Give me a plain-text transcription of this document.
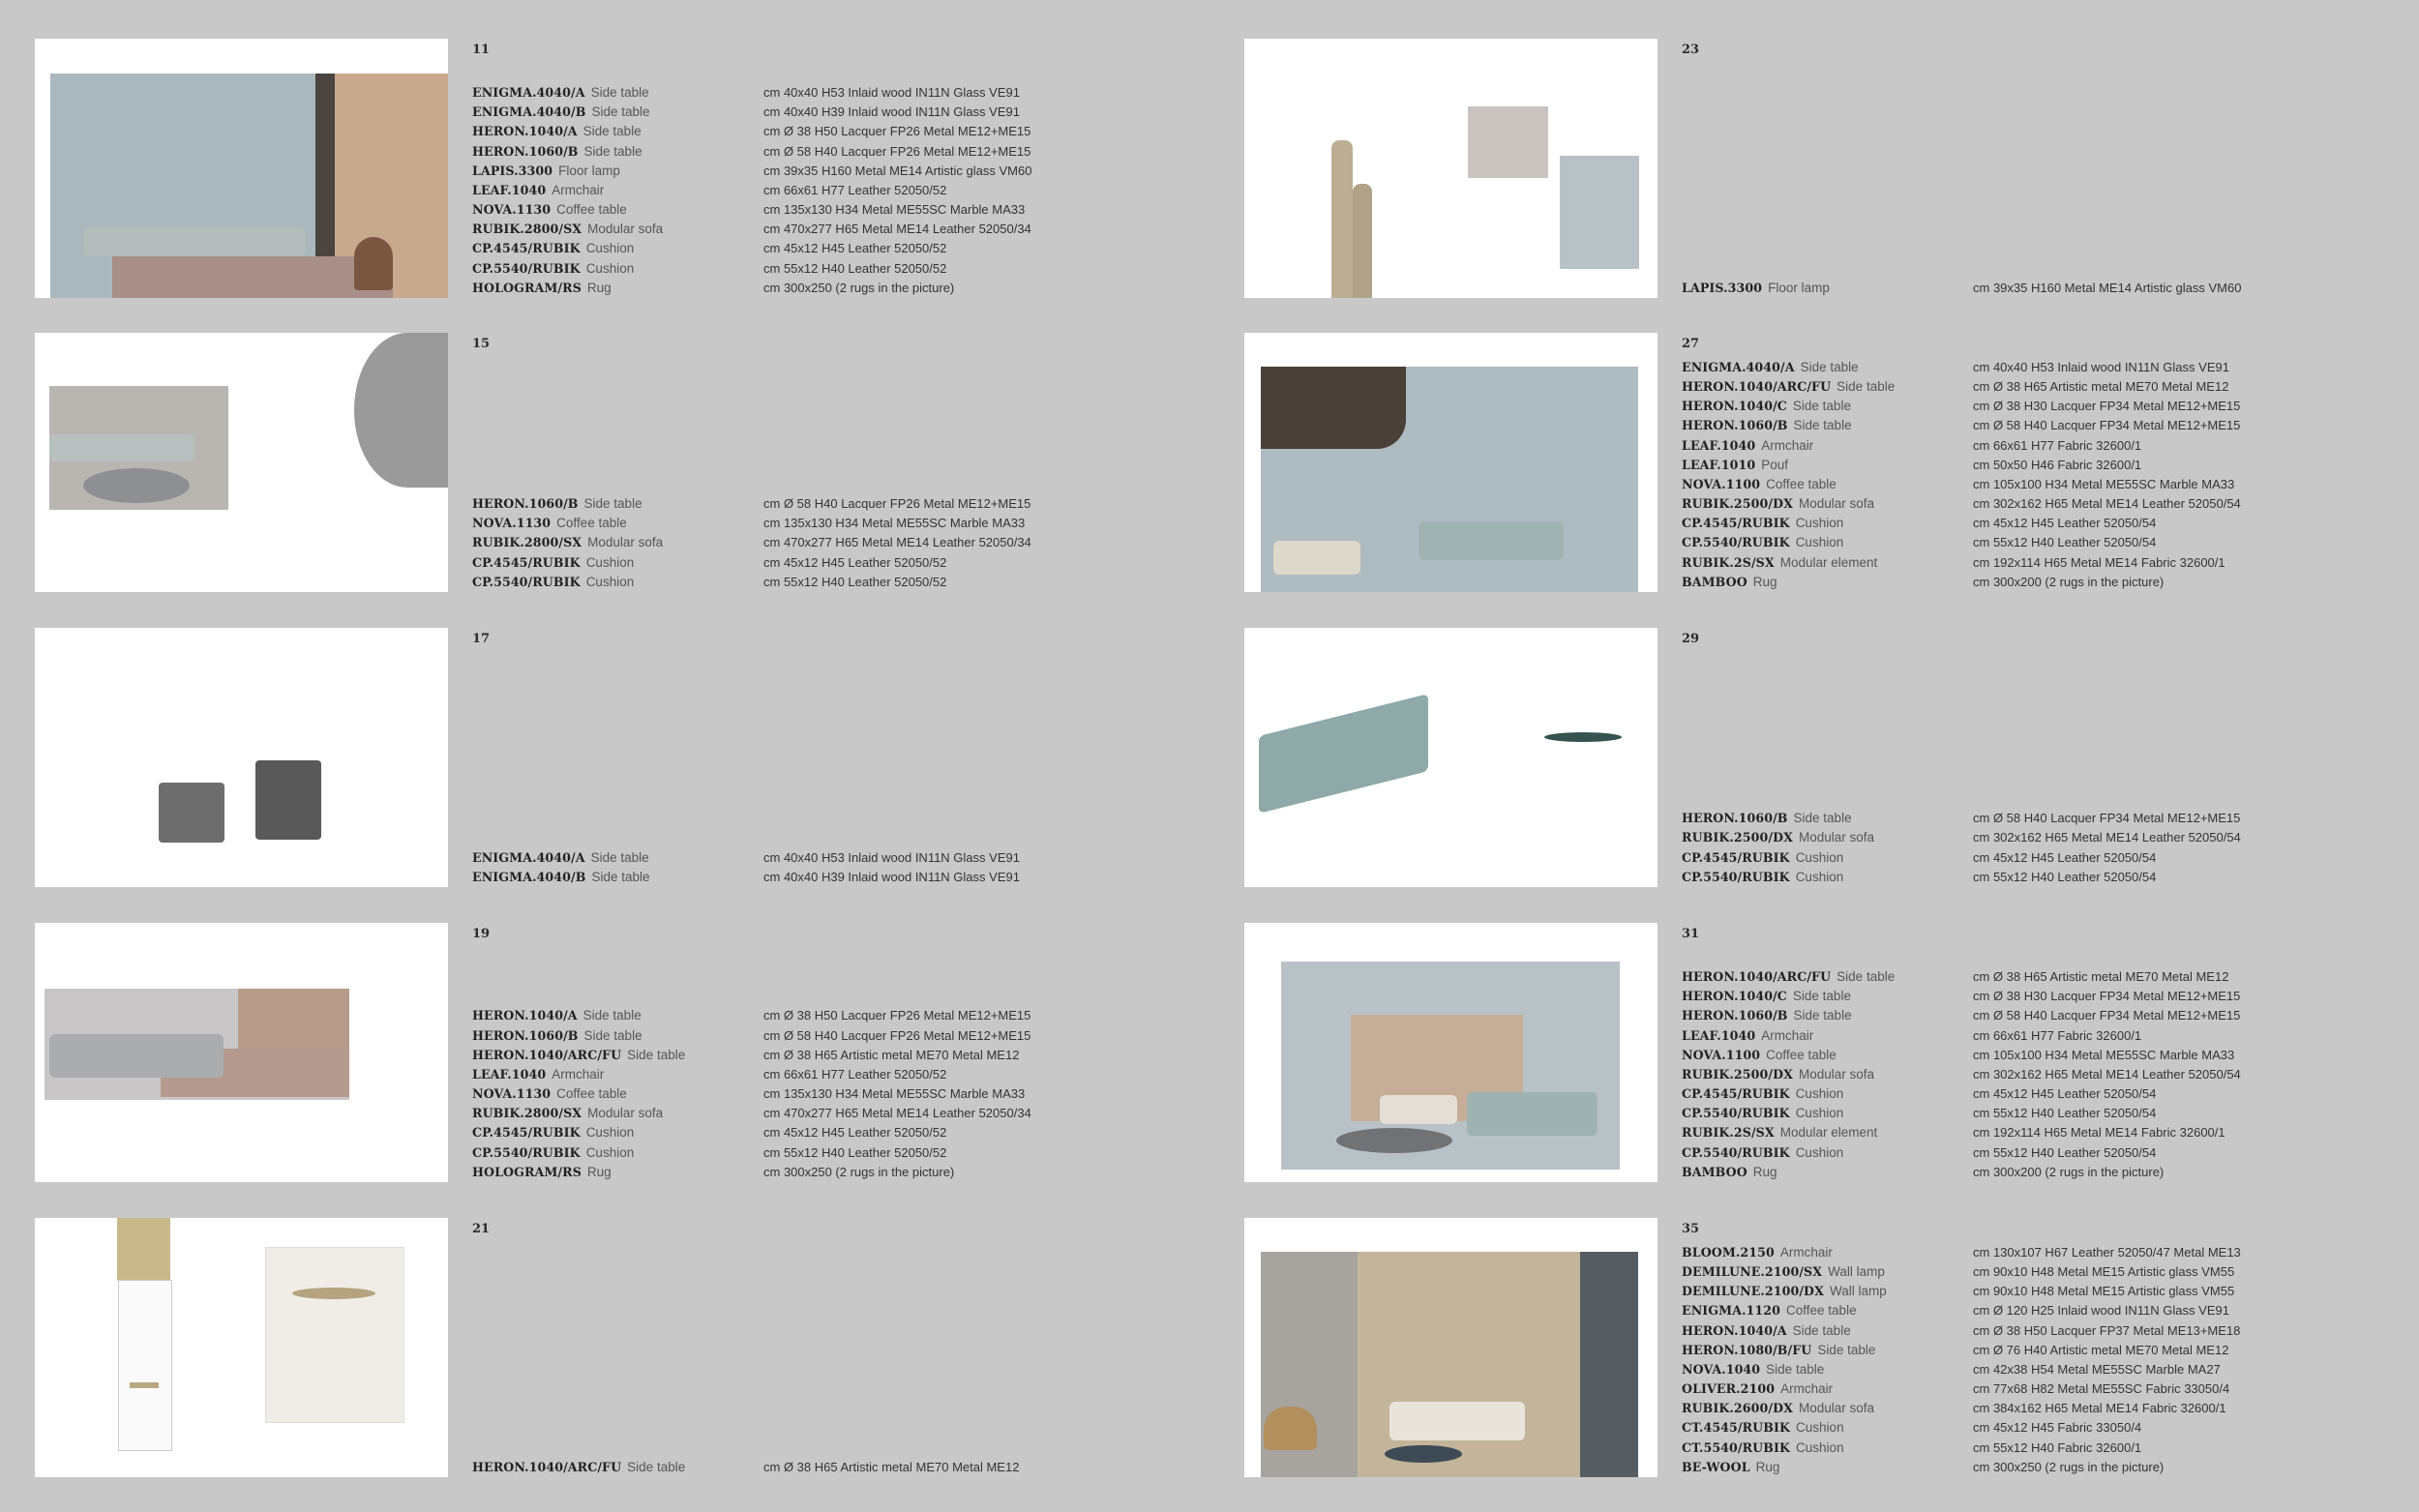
11
ENIGMA.4040/A Side table	cm 40x40 H53 Inlaid wood IN11N Glass VE91
ENIGMA.4040/B Side table	cm 40x40 H39 Inlaid wood IN11N Glass VE91
HERON.1040/A Side table	cm Ø 38 H50 Lacquer FP26 Metal ME12+ME15
HERON.1060/B Side table	cm Ø 58 H40 Lacquer FP26 Metal ME12+ME15
LAPIS.3300 Floor lamp	cm 39x35 H160 Metal ME14 Artistic glass VM60
LEAF.1040 Armchair	cm 66x61 H77 Leather 52050/52
NOVA.1130 Coffee table	cm 135x130 H34 Metal ME55SC Marble MA33
RUBIK.2800/SX Modular sofa	cm 470x277 H65 Metal ME14 Leather 52050/34
CP.4545/RUBIK Cushion	cm 45x12 H45 Leather 52050/52
CP.5540/RUBIK Cushion	cm 55x12 H40 Leather 52050/52
HOLOGRAM/RS Rug	cm 300x250 (2 rugs in the picture)
15
HERON.1060/B Side table	cm Ø 58 H40 Lacquer FP26 Metal ME12+ME15
NOVA.1130 Coffee table	cm 135x130 H34 Metal ME55SC Marble MA33
RUBIK.2800/SX Modular sofa	cm 470x277 H65 Metal ME14 Leather 52050/34
CP.4545/RUBIK Cushion	cm 45x12 H45 Leather 52050/52
CP.5540/RUBIK Cushion	cm 55x12 H40 Leather 52050/52
17
ENIGMA.4040/A Side table	cm 40x40 H53 Inlaid wood IN11N Glass VE91
ENIGMA.4040/B Side table	cm 40x40 H39 Inlaid wood IN11N Glass VE91
19
HERON.1040/A Side table	cm Ø 38 H50 Lacquer FP26 Metal ME12+ME15
HERON.1060/B Side table	cm Ø 58 H40 Lacquer FP26 Metal ME12+ME15
HERON.1040/ARC/FU Side table	cm Ø 38 H65 Artistic metal ME70 Metal ME12
LEAF.1040 Armchair	cm 66x61 H77 Leather 52050/52
NOVA.1130 Coffee table	cm 135x130 H34 Metal ME55SC Marble MA33
RUBIK.2800/SX Modular sofa	cm 470x277 H65 Metal ME14 Leather 52050/34
CP.4545/RUBIK Cushion	cm 45x12 H45 Leather 52050/52
CP.5540/RUBIK Cushion	cm 55x12 H40 Leather 52050/52
HOLOGRAM/RS Rug	cm 300x250 (2 rugs in the picture)
21
HERON.1040/ARC/FU Side table	cm Ø 38 H65 Artistic metal ME70 Metal ME12
23
LAPIS.3300 Floor lamp	cm 39x35 H160 Metal ME14 Artistic glass VM60
27
ENIGMA.4040/A Side table	cm 40x40 H53 Inlaid wood IN11N Glass VE91
HERON.1040/ARC/FU Side table	cm Ø 38 H65 Artistic metal ME70 Metal ME12
HERON.1040/C Side table	cm Ø 38 H30 Lacquer FP34 Metal ME12+ME15
HERON.1060/B Side table	cm Ø 58 H40 Lacquer FP34 Metal ME12+ME15
LEAF.1040 Armchair	cm 66x61 H77 Fabric 32600/1
LEAF.1010 Pouf	cm 50x50 H46 Fabric 32600/1
NOVA.1100 Coffee table	cm 105x100 H34 Metal ME55SC Marble MA33
RUBIK.2500/DX Modular sofa	cm 302x162 H65 Metal ME14 Leather 52050/54
CP.4545/RUBIK Cushion	cm 45x12 H45 Leather 52050/54
CP.5540/RUBIK Cushion	cm 55x12 H40 Leather 52050/54
RUBIK.2S/SX Modular element	cm 192x114 H65 Metal ME14 Fabric 32600/1
BAMBOO Rug	cm 300x200 (2 rugs in the picture)
29
HERON.1060/B Side table	cm Ø 58 H40 Lacquer FP34 Metal ME12+ME15
RUBIK.2500/DX Modular sofa	cm 302x162 H65 Metal ME14 Leather 52050/54
CP.4545/RUBIK Cushion	cm 45x12 H45 Leather 52050/54
CP.5540/RUBIK Cushion	cm 55x12 H40 Leather 52050/54
31
HERON.1040/ARC/FU Side table	cm Ø 38 H65 Artistic metal ME70 Metal ME12
HERON.1040/C Side table	cm Ø 38 H30 Lacquer FP34 Metal ME12+ME15
HERON.1060/B Side table	cm Ø 58 H40 Lacquer FP34 Metal ME12+ME15
LEAF.1040 Armchair	cm 66x61 H77 Fabric 32600/1
NOVA.1100 Coffee table	cm 105x100 H34 Metal ME55SC Marble MA33
RUBIK.2500/DX Modular sofa	cm 302x162 H65 Metal ME14 Leather 52050/54
CP.4545/RUBIK Cushion	cm 45x12 H45 Leather 52050/54
CP.5540/RUBIK Cushion	cm 55x12 H40 Leather 52050/54
RUBIK.2S/SX Modular element	cm 192x114 H65 Metal ME14 Fabric 32600/1
CP.5540/RUBIK Cushion	cm 55x12 H40 Leather 52050/54
BAMBOO Rug	cm 300x200 (2 rugs in the picture)
35
BLOOM.2150 Armchair	cm 130x107 H67 Leather 52050/47 Metal ME13
DEMILUNE.2100/SX Wall lamp	cm 90x10 H48 Metal ME15 Artistic glass VM55
DEMILUNE.2100/DX Wall lamp	cm 90x10 H48 Metal ME15 Artistic glass VM55
ENIGMA.1120 Coffee table	cm Ø 120 H25 Inlaid wood IN11N Glass VE91
HERON.1040/A Side table	cm Ø 38 H50 Lacquer FP37 Metal ME13+ME18
HERON.1080/B/FU Side table	cm Ø 76 H40 Artistic metal ME70 Metal ME12
NOVA.1040 Side table	cm 42x38 H54 Metal ME55SC Marble MA27
OLIVER.2100 Armchair	cm 77x68 H82 Metal ME55SC Fabric 33050/4
RUBIK.2600/DX Modular sofa	cm 384x162 H65 Metal ME14 Fabric 32600/1
CT.4545/RUBIK Cushion	cm 45x12 H45 Fabric 33050/4
CT.5540/RUBIK Cushion	cm 55x12 H40 Fabric 32600/1
BE-WOOL Rug	cm 300x250 (2 rugs in the picture)
